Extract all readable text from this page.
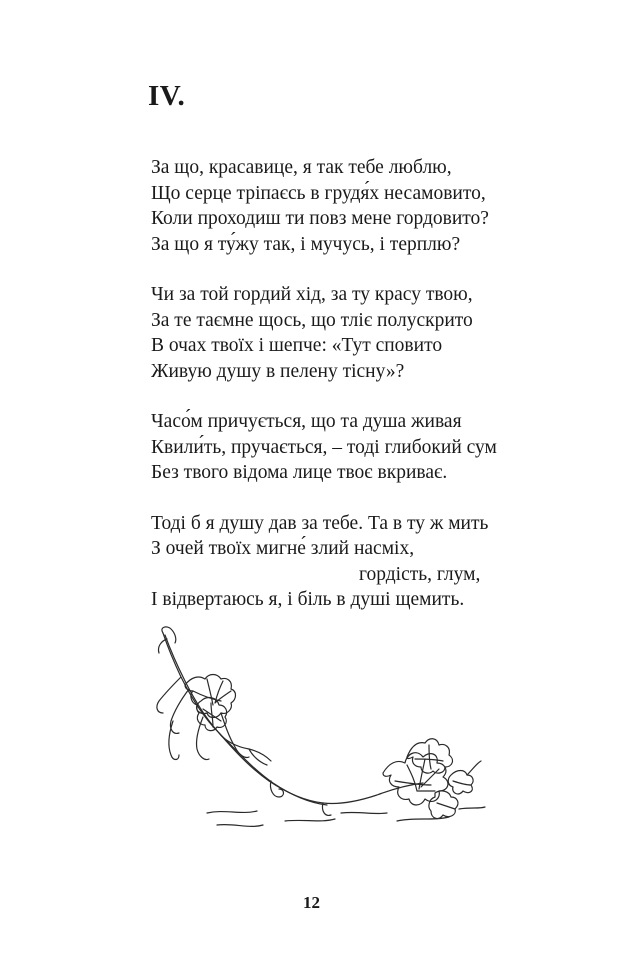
IV.

За що, красавице, я так тебе люблю,
Що серце тріпаєсь в грудя́х несамовито,
Коли проходиш ти повз мене гордовито?
За що я ту́жу так, і мучусь, і терплю?

Чи за той гордий хід, за ту красу твою,
За те таємне щось, що тліє полускрито
В очах твоїх і шепче: «Тут сповито
Живую душу в пелену тісну»?

Часо́м причується, що та душа живая
Квили́ть, пручається, – тоді глибокий сум
Без твого відома лице твоє вкриває.

Тоді б я душу дав за тебе. Та в ту ж мить
З очей твоїх мигне́ злий насміх,
гордість, глум,
І відвертаюсь я, і біль в душі щемить.

12
